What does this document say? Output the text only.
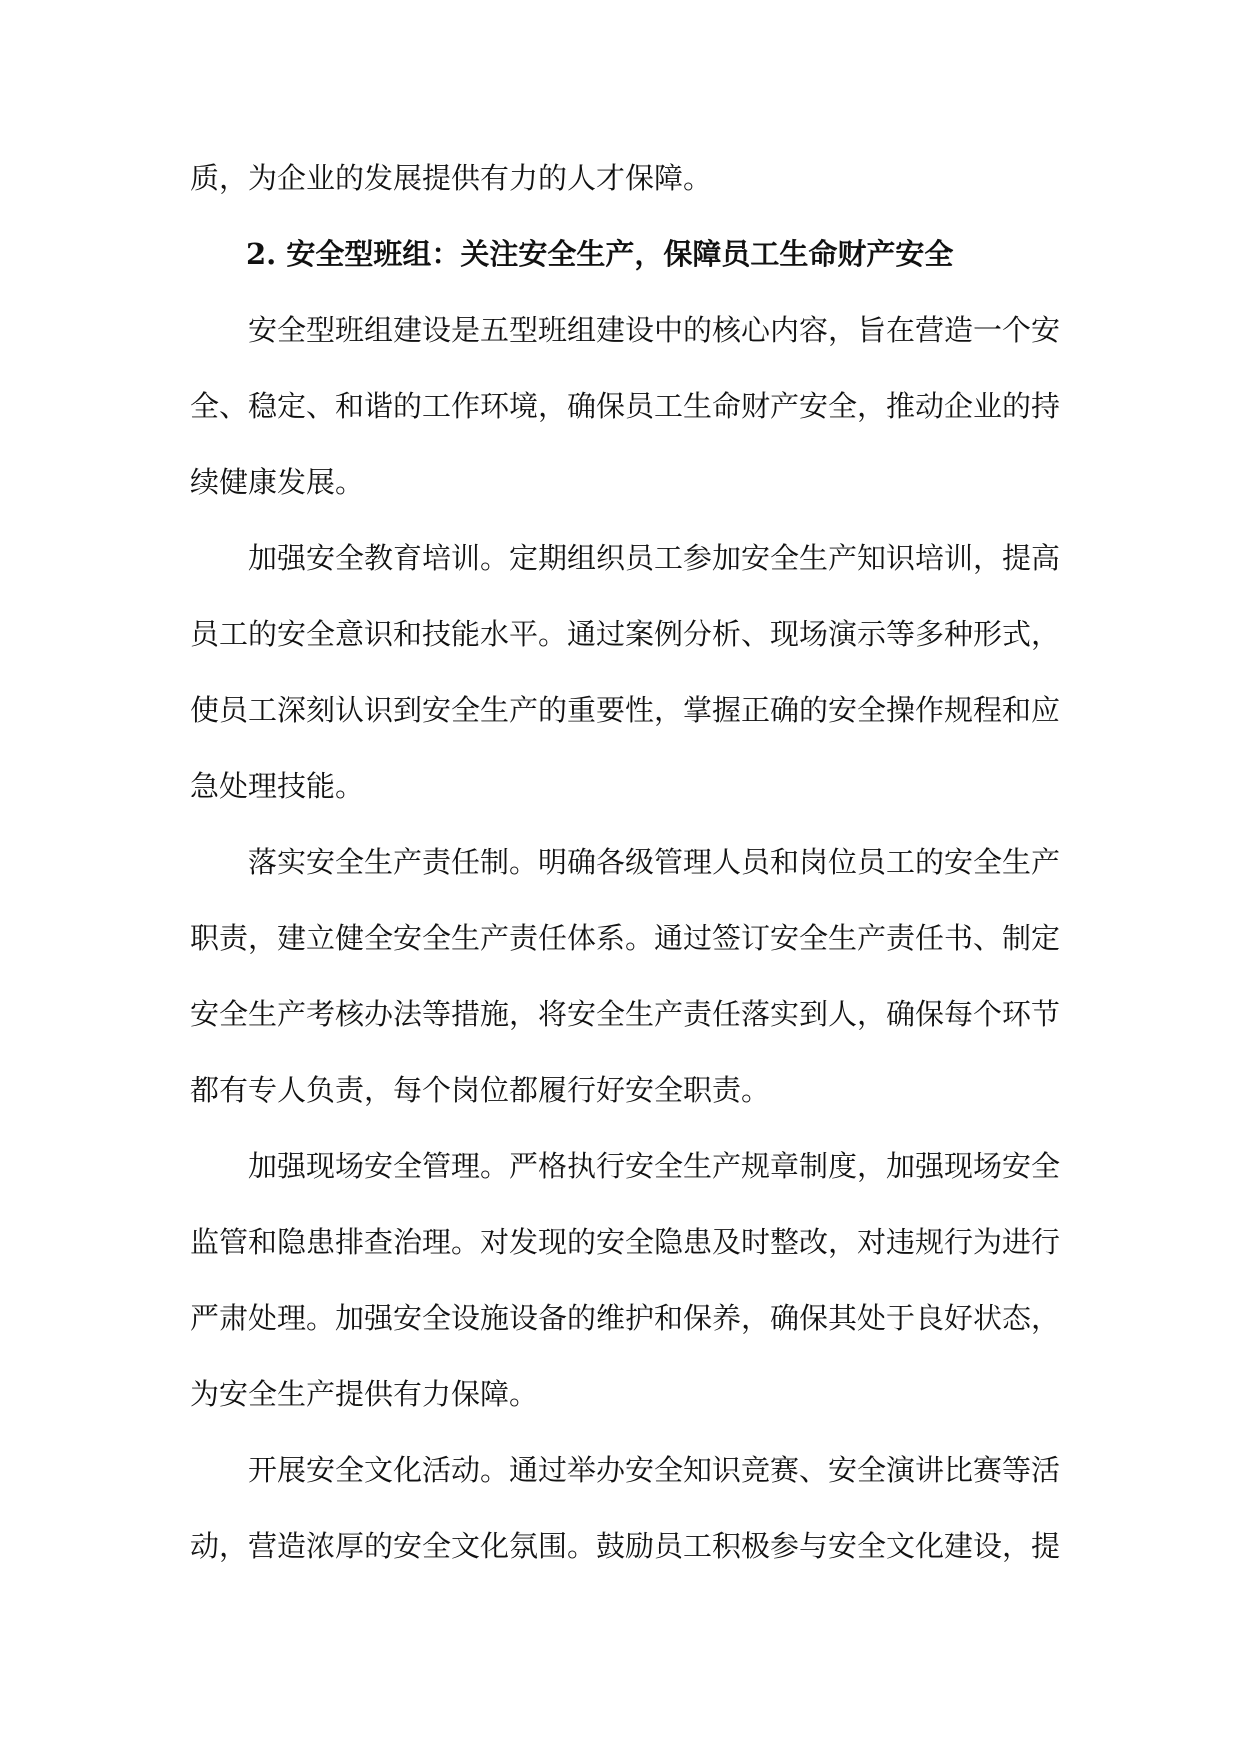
质，为企业的发展提供有力的人才保障。
2. 安全型班组：关注安全生产，保障员工生命财产安全
安全型班组建设是五型班组建设中的核心内容，旨在营造一个安
全、稳定、和谐的工作环境，确保员工生命财产安全，推动企业的持
续健康发展。
加强安全教育培训。定期组织员工参加安全生产知识培训，提高
员工的安全意识和技能水平。通过案例分析、现场演示等多种形式，
使员工深刻认识到安全生产的重要性，掌握正确的安全操作规程和应
急处理技能。
落实安全生产责任制。明确各级管理人员和岗位员工的安全生产
职责，建立健全安全生产责任体系。通过签订安全生产责任书、制定
安全生产考核办法等措施，将安全生产责任落实到人，确保每个环节
都有专人负责，每个岗位都履行好安全职责。
加强现场安全管理。严格执行安全生产规章制度，加强现场安全
监管和隐患排查治理。对发现的安全隐患及时整改，对违规行为进行
严肃处理。加强安全设施设备的维护和保养，确保其处于良好状态，
为安全生产提供有力保障。
开展安全文化活动。通过举办安全知识竞赛、安全演讲比赛等活
动，营造浓厚的安全文化氛围。鼓励员工积极参与安全文化建设，提
